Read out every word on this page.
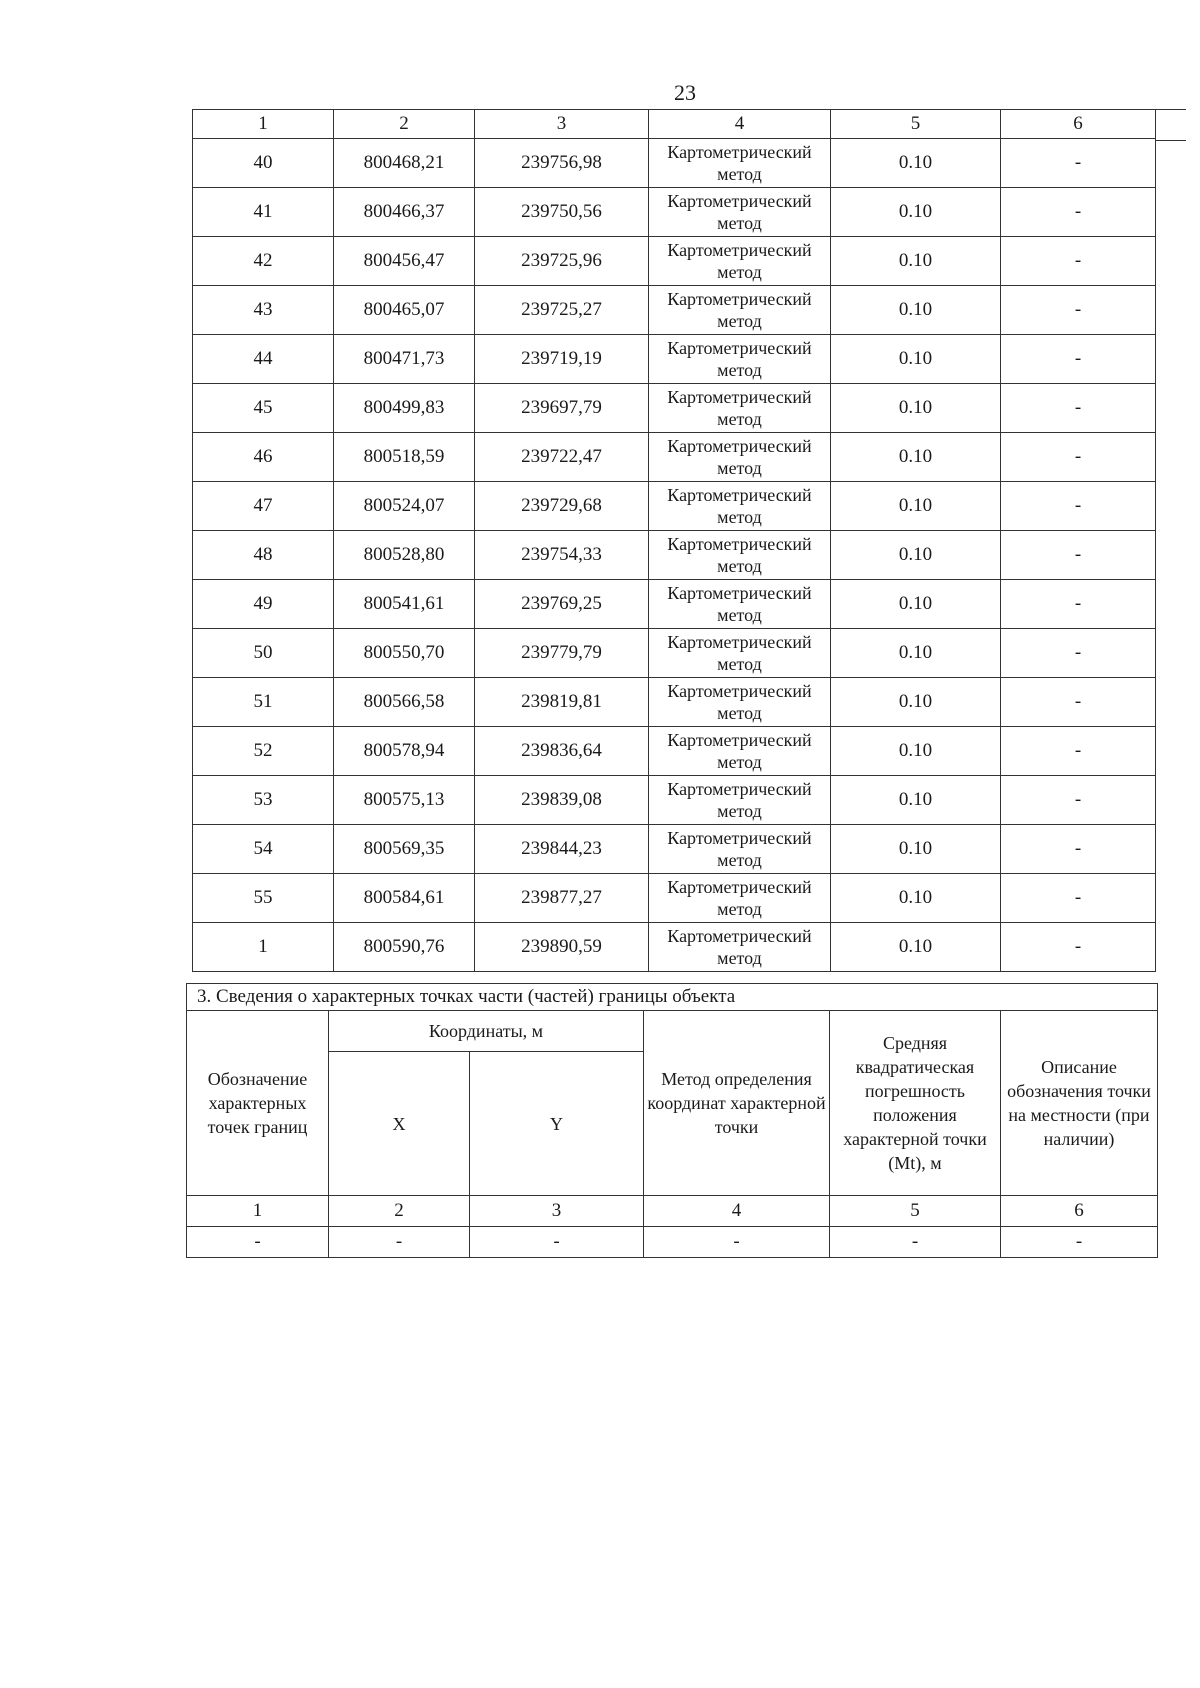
23
1	2	3	4	5	6
40	800468,21	239756,98	Картометрический метод	0.10	-
41	800466,37	239750,56	Картометрический метод	0.10	-
42	800456,47	239725,96	Картометрический метод	0.10	-
43	800465,07	239725,27	Картометрический метод	0.10	-
44	800471,73	239719,19	Картометрический метод	0.10	-
45	800499,83	239697,79	Картометрический метод	0.10	-
46	800518,59	239722,47	Картометрический метод	0.10	-
47	800524,07	239729,68	Картометрический метод	0.10	-
48	800528,80	239754,33	Картометрический метод	0.10	-
49	800541,61	239769,25	Картометрический метод	0.10	-
50	800550,70	239779,79	Картометрический метод	0.10	-
51	800566,58	239819,81	Картометрический метод	0.10	-
52	800578,94	239836,64	Картометрический метод	0.10	-
53	800575,13	239839,08	Картометрический метод	0.10	-
54	800569,35	239844,23	Картометрический метод	0.10	-
55	800584,61	239877,27	Картометрический метод	0.10	-
1	800590,76	239890,59	Картометрический метод	0.10	-
3. Сведения о характерных точках части (частей) границы объекта					
Обозначение характерных точек границ	Координаты, м		Метод определения координат характерной точки	Средняя квадратическая погрешность положения характерной точки (Mt), м	Описание обозначения точки на местности (при наличии)
	X	Y			
1	2	3	4	5	6
-	-	-	-	-	-
